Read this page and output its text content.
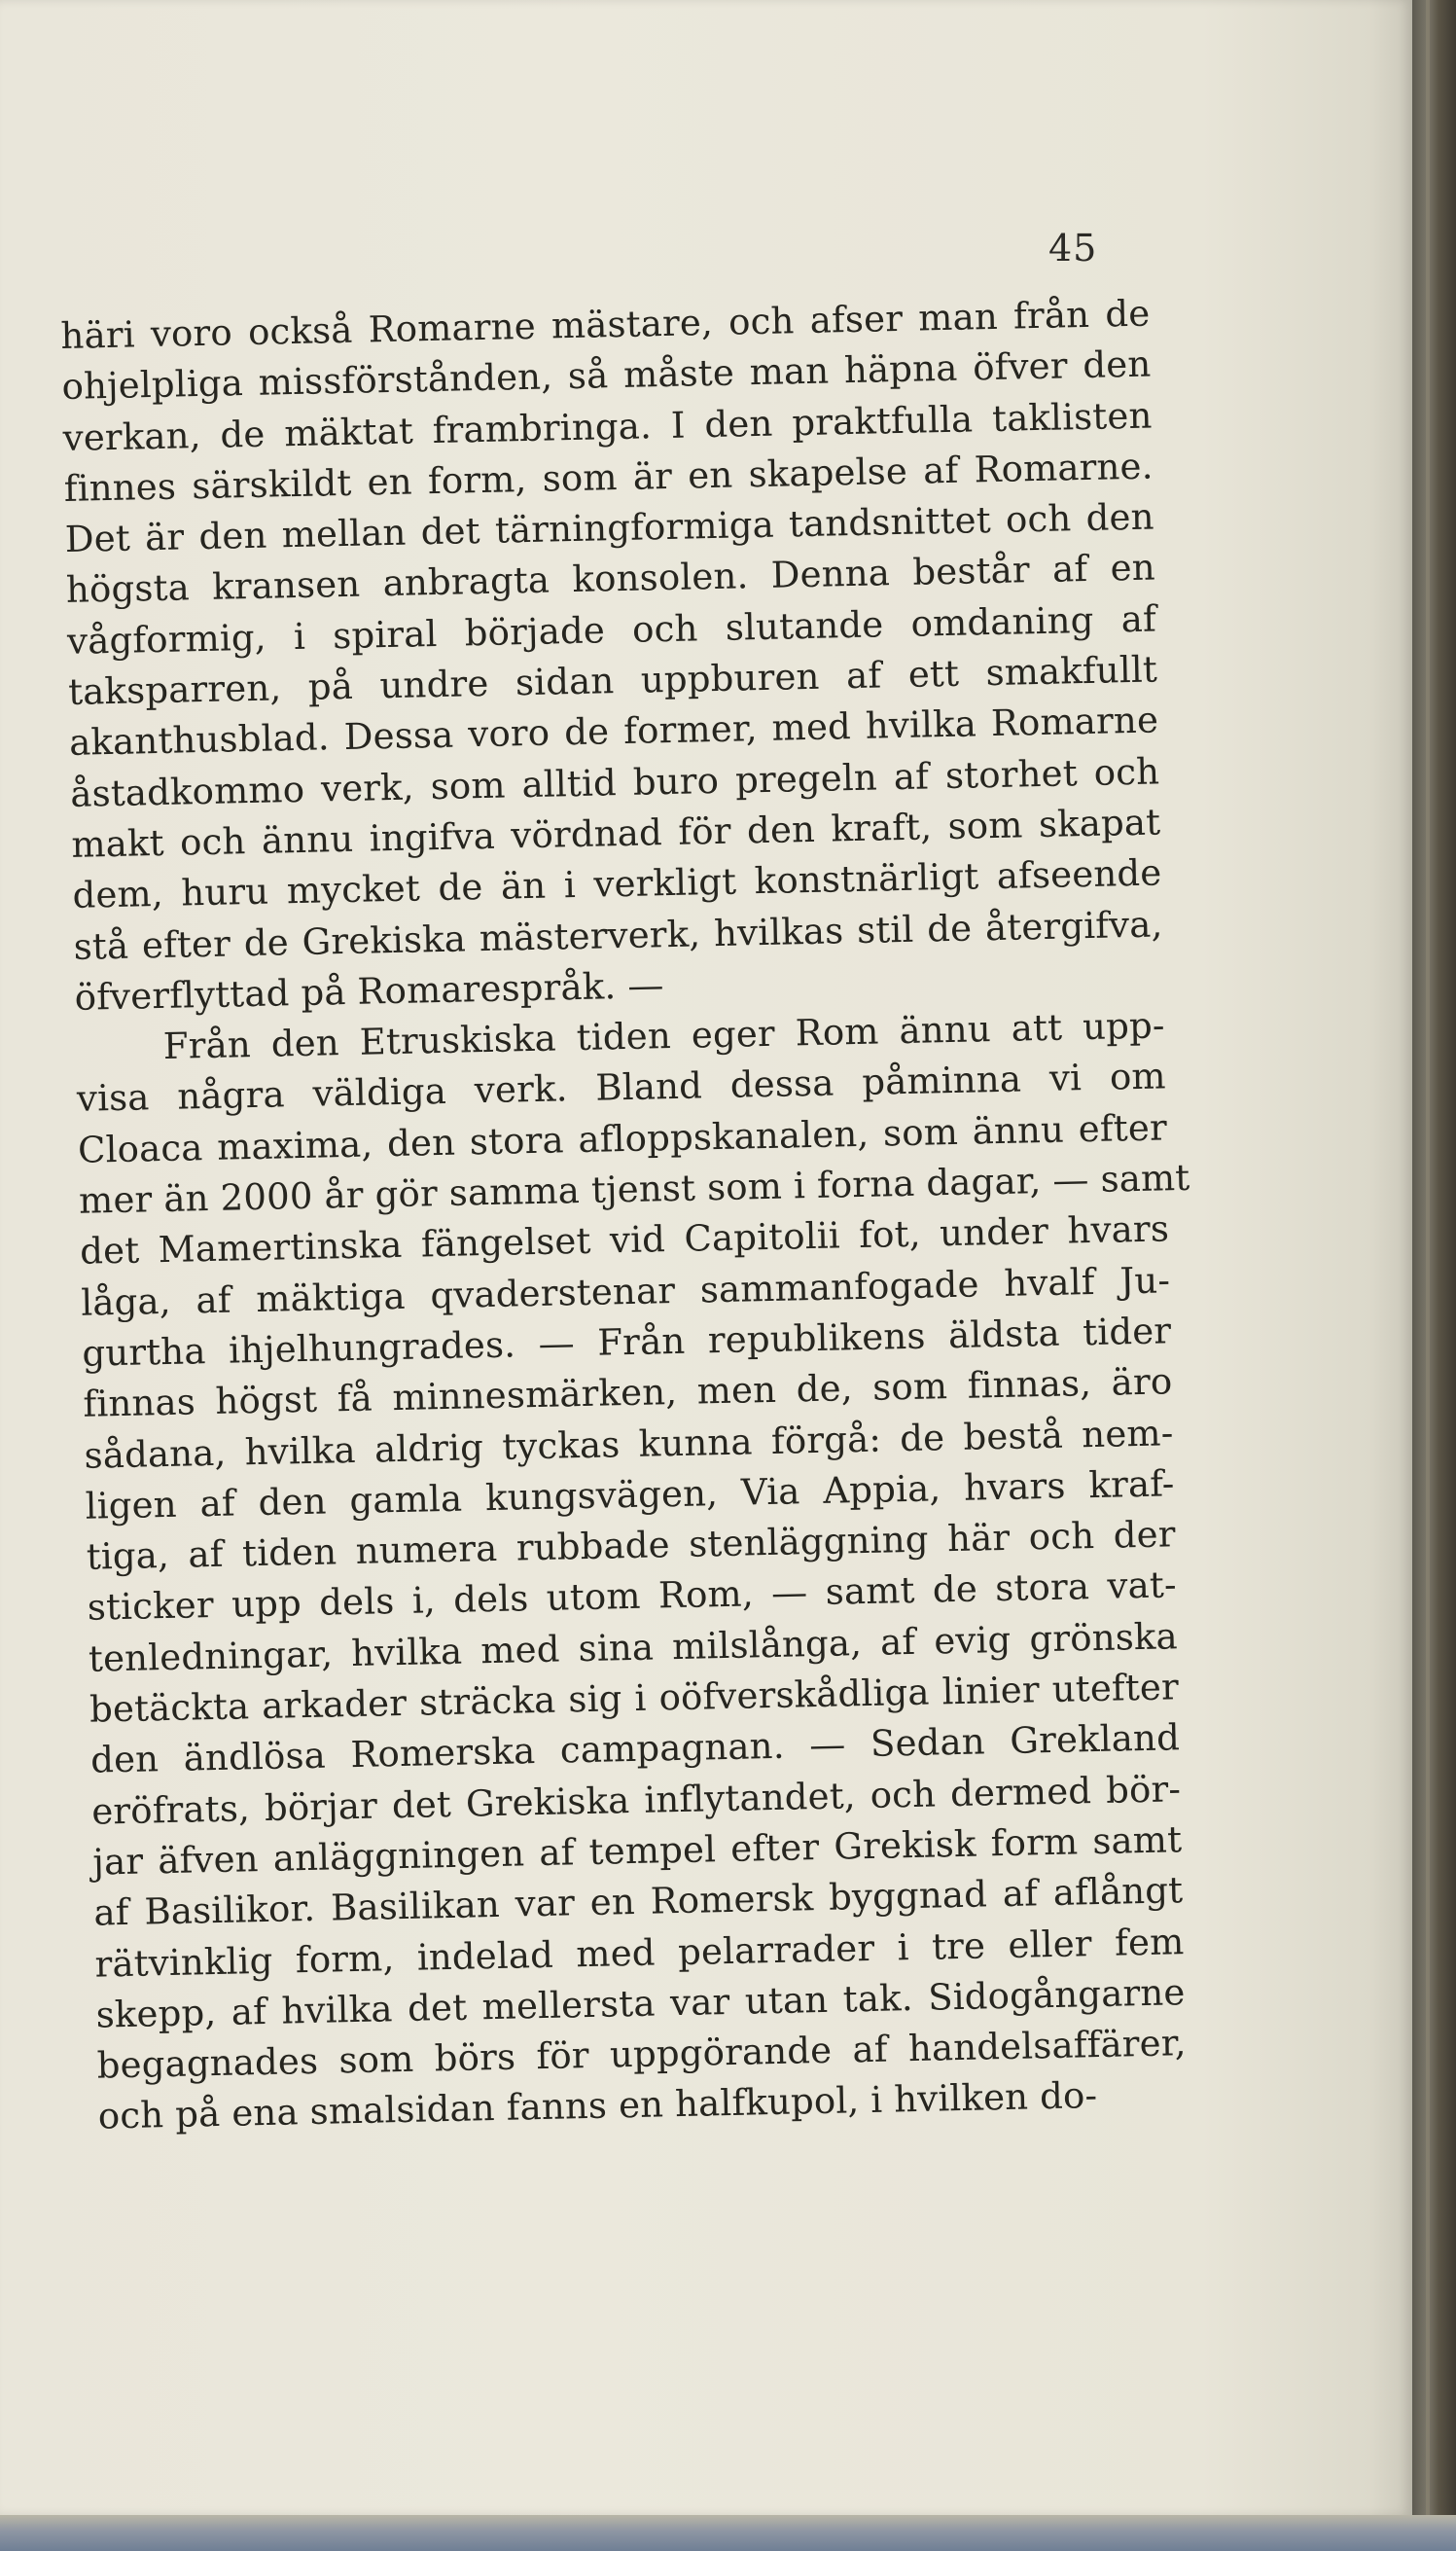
45
häri voro också Romarne mästare, och afser man från de
ohjelpliga missförstånden, så måste man häpna öfver den
verkan, de mäktat frambringa. I den praktfulla taklisten
finnes särskildt en form, som är en skapelse af Romarne.
Det är den mellan det tärningformiga tandsnittet och den
högsta kransen anbragta konsolen. Denna består af en
vågformig, i spiral började och slutande omdaning af
taksparren, på undre sidan uppburen af ett smakfullt
akanthusblad. Dessa voro de former, med hvilka Romarne
åstadkommo verk, som alltid buro pregeln af storhet och
makt och ännu ingifva vördnad för den kraft, som skapat
dem, huru mycket de än i verkligt konstnärligt afseende
stå efter de Grekiska mästerverk, hvilkas stil de återgifva,
öfverflyttad på Romarespråk. —
Från den Etruskiska tiden eger Rom ännu att upp-
visa några väldiga verk. Bland dessa påminna vi om
Cloaca maxima, den stora afloppskanalen, som ännu efter
mer än 2000 år gör samma tjenst som i forna dagar, — samt
det Mamertinska fängelset vid Capitolii fot, under hvars
låga, af mäktiga qvaderstenar sammanfogade hvalf Ju-
gurtha ihjelhungrades. — Från republikens äldsta tider
finnas högst få minnesmärken, men de, som finnas, äro
sådana, hvilka aldrig tyckas kunna förgå: de bestå nem-
ligen af den gamla kungsvägen, Via Appia, hvars kraf-
tiga, af tiden numera rubbade stenläggning här och der
sticker upp dels i, dels utom Rom, — samt de stora vat-
tenledningar, hvilka med sina milslånga, af evig grönska
betäckta arkader sträcka sig i oöfverskådliga linier utefter
den ändlösa Romerska campagnan. — Sedan Grekland
eröfrats, börjar det Grekiska inflytandet, och dermed bör-
jar äfven anläggningen af tempel efter Grekisk form samt
af Basilikor. Basilikan var en Romersk byggnad af aflångt
rätvinklig form, indelad med pelarrader i tre eller fem
skepp, af hvilka det mellersta var utan tak. Sidogångarne
begagnades som börs för uppgörande af handelsaffärer,
och på ena smalsidan fanns en halfkupol, i hvilken do-
